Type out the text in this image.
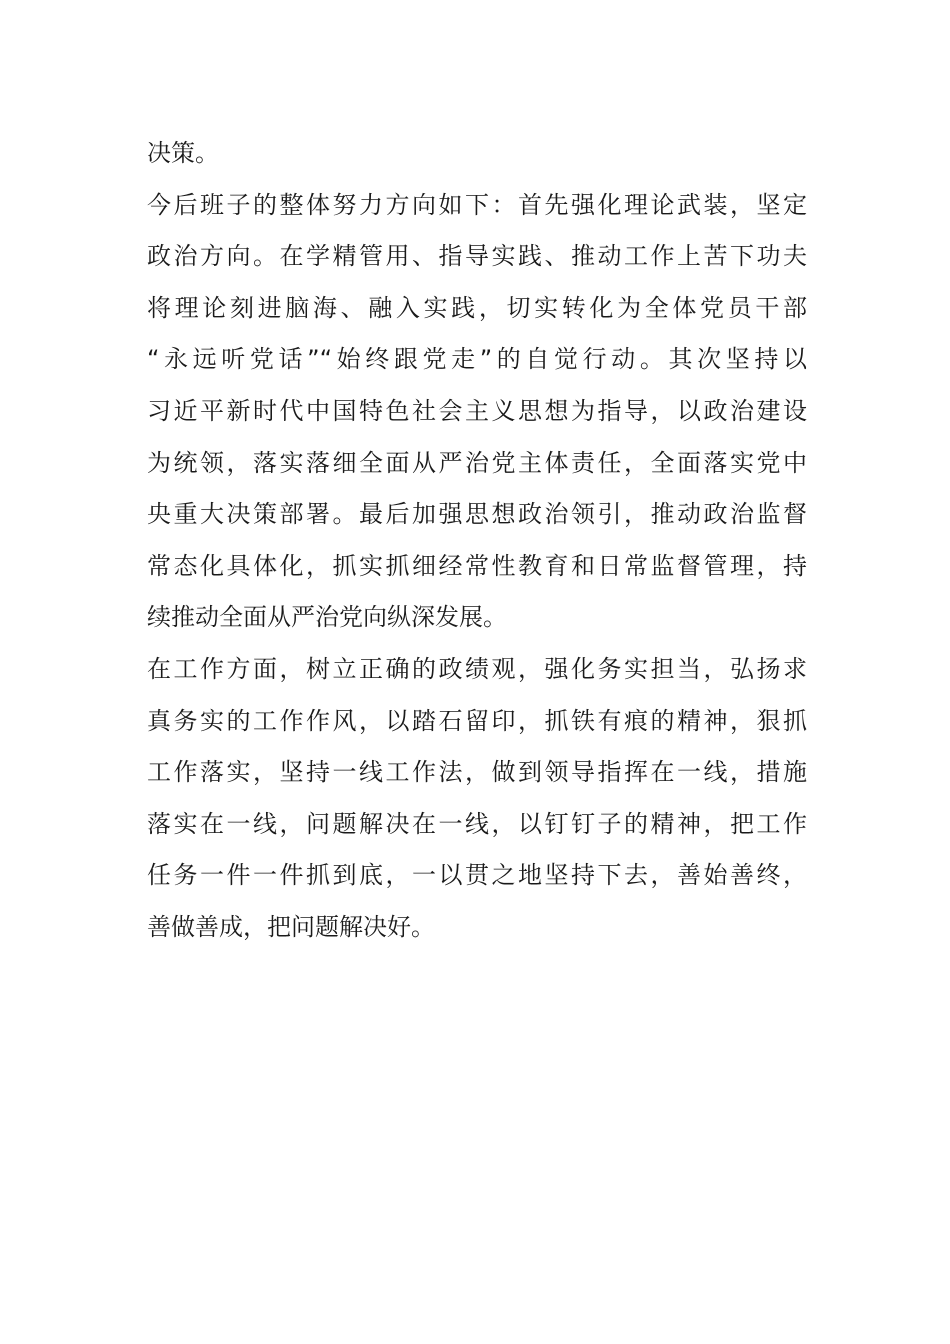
决策。
今后班子的整体努力方向如下：首先强化理论武装，坚定
政治方向。在学精管用、指导实践、推动工作上苦下功夫
将理论刻进脑海、融入实践，切实转化为全体党员干部
“永远听党话”“始终跟党走”的自觉行动。其次坚持以
习近平新时代中国特色社会主义思想为指导，以政治建设
为统领，落实落细全面从严治党主体责任，全面落实党中
央重大决策部署。最后加强思想政治领引，推动政治监督
常态化具体化，抓实抓细经常性教育和日常监督管理，持
续推动全面从严治党向纵深发展。
在工作方面，树立正确的政绩观，强化务实担当，弘扬求
真务实的工作作风，以踏石留印，抓铁有痕的精神，狠抓
工作落实，坚持一线工作法，做到领导指挥在一线，措施
落实在一线，问题解决在一线，以钉钉子的精神，把工作
任务一件一件抓到底，一以贯之地坚持下去，善始善终，
善做善成，把问题解决好。
